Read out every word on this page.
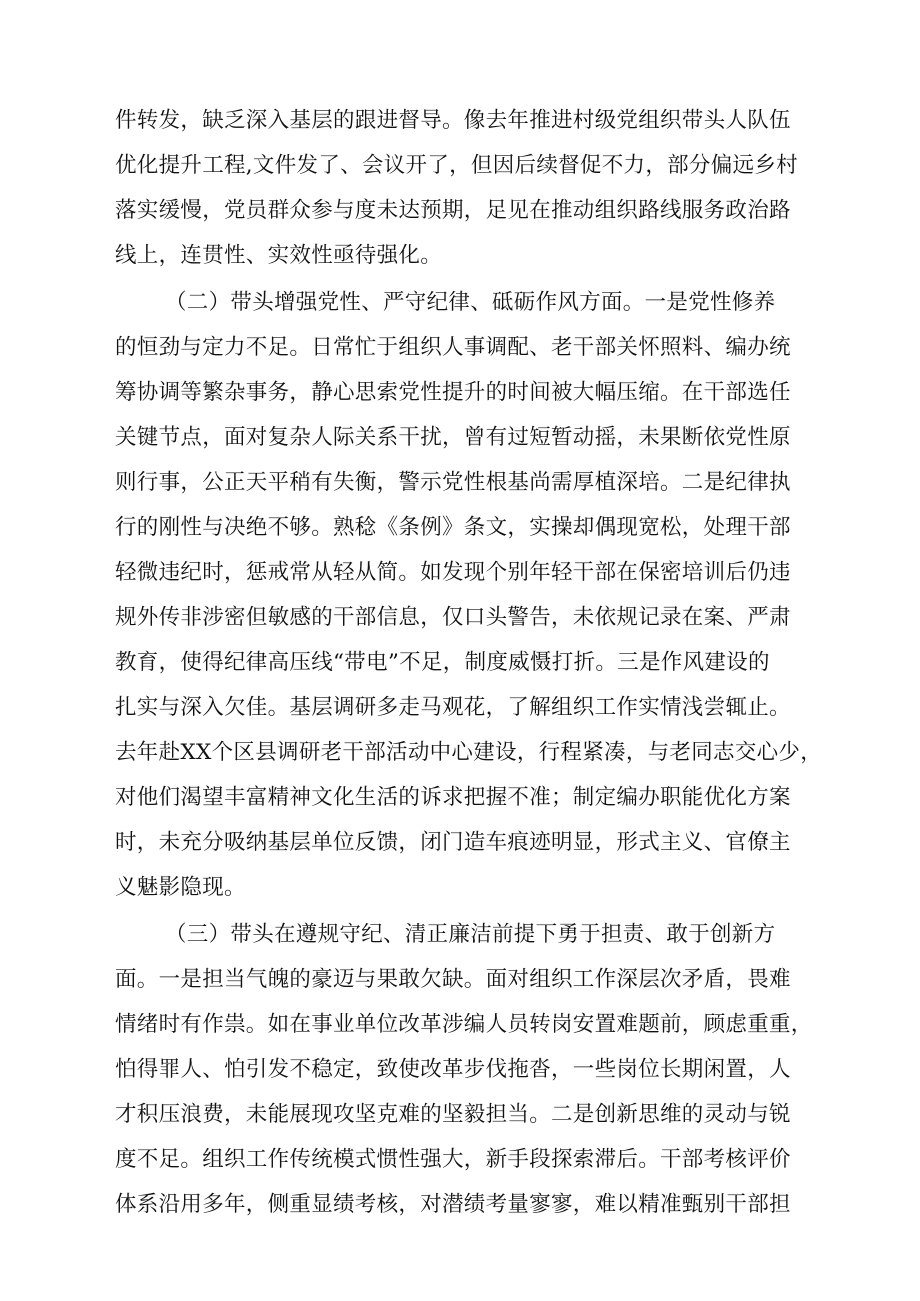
件转发，缺乏深入基层的跟进督导。像去年推进村级党组织带头人队伍
优化提升工程,文件发了、会议开了，但因后续督促不力，部分偏远乡村
落实缓慢，党员群众参与度未达预期，足见在推动组织路线服务政治路
线上，连贯性、实效性亟待强化。
（二）带头增强党性、严守纪律、砥砺作风方面。一是党性修养
的恒劲与定力不足。日常忙于组织人事调配、老干部关怀照料、编办统
筹协调等繁杂事务，静心思索党性提升的时间被大幅压缩。在干部选任
关键节点，面对复杂人际关系干扰，曾有过短暂动摇，未果断依党性原
则行事，公正天平稍有失衡，警示党性根基尚需厚植深培。二是纪律执
行的刚性与决绝不够。熟稔《条例》条文，实操却偶现宽松，处理干部
轻微违纪时，惩戒常从轻从简。如发现个别年轻干部在保密培训后仍违
规外传非涉密但敏感的干部信息，仅口头警告，未依规记录在案、严肃
教育，使得纪律高压线“带电”不足，制度威慑打折。三是作风建设的
扎实与深入欠佳。基层调研多走马观花，了解组织工作实情浅尝辄止。
去年赴XX个区县调研老干部活动中心建设，行程紧凑，与老同志交心少，
对他们渴望丰富精神文化生活的诉求把握不准；制定编办职能优化方案
时，未充分吸纳基层单位反馈，闭门造车痕迹明显，形式主义、官僚主
义魅影隐现。
（三）带头在遵规守纪、清正廉洁前提下勇于担责、敢于创新方
面。一是担当气魄的豪迈与果敢欠缺。面对组织工作深层次矛盾，畏难
情绪时有作祟。如在事业单位改革涉编人员转岗安置难题前，顾虑重重，
怕得罪人、怕引发不稳定，致使改革步伐拖沓，一些岗位长期闲置，人
才积压浪费，未能展现攻坚克难的坚毅担当。二是创新思维的灵动与锐
度不足。组织工作传统模式惯性强大，新手段探索滞后。干部考核评价
体系沿用多年，侧重显绩考核，对潜绩考量寥寥，难以精准甄别干部担
